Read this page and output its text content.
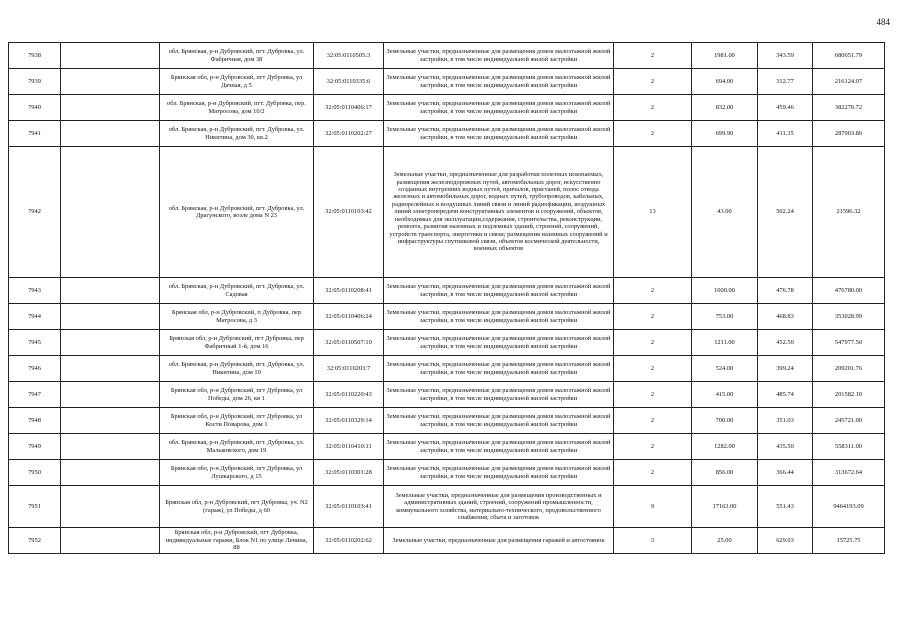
484
7938		обл. Брянская, р-н Дубровский, пгт. Дубровка, ул. Фабричная, дом 38	32:05:0110505:3	Земельные участки, предназначенные для размещения домов малоэтажной жилой застройки, в том числе индивидуальной жилой застройки	2	1981.00	343.59	680651.79
7939		Брянская обл, р-н Дубровский, пгт Дубровка, ул Дачная, д 5	32:05:0110335:6	Земельные участки, предназначенные для размещения домов малоэтажной жилой застройки, в том числе индивидуальной жилой застройки	2	694.00	312.77	216124.07
7940		обл. Брянская, р-н Дубровский, пгт. Дубровка, пер. Матросова, дом 10/2	32:05:0110406:17	Земельные участки, предназначенные для размещения домов малоэтажной жилой застройки, в том числе индивидуальной жилой застройки	2	832.00	459.46	382270.72
7941		обл. Брянская, р-н Дубровский, пгт. Дубровка, ул. Никитина, дом 30, кв.2	32:05:0110202:27	Земельные участки, предназначенные для размещения домов малоэтажной жилой застройки, в том числе индивидуальной жилой застройки	2	699.90	411.35	287903.86
7942		обл. Брянская, р-н Дубровский, пгт. Дубровка, ул. Драгунского, возле дома N 23	32:05:0110103:42	Земельные участки, предназначенные для разработки полезных ископаемых, размещения железнодорожных путей, автомобильных дорог, искусственно созданных внутренних водных путей, причалов, пристаней, полос отвода железных и автомобильных дорог, водных путей, трубопроводов, кабельных, радиорелейных и воздушных линий связи и линий радиофикации, воздушных линий электропередачи конструктивных элементов и сооружений, объектов, необходимых для эксплуатации,содержания, строительства, реконструкции, ремонта, развития наземных и подземных зданий, строений, сооружений, устройств транспорта, энергетики и связи; размещения наземных сооружений и инфраструктуры спутниковой связи, объектов космической деятельности, военных объектов	13	43.00	502.24	21596.32
7943		обл. Брянская, р-н Дубровский, пгт. Дубровка, ул. Садовая	32:05:0110208:41	Земельные участки, предназначенные для размещения домов малоэтажной жилой застройки, в том числе индивидуальной жилой застройки	2	1000.00	476.78	476780.00
7944		Брянская обл, р-н Дубровский, п Дубровка, пер Матросова, д 3	32:05:0110406:24	Земельные участки, предназначенные для размещения домов малоэтажной жилой застройки, в том числе индивидуальной жилой застройки	2	753.00	468.83	353028.99
7945		Брянская обл, р-н Дубровский, пгт Дубровка, пер Фабричный 1-й, дом 16	32:05:0110507:10	Земельные участки, предназначенные для размещения домов малоэтажной жилой застройки, в том числе индивидуальной жилой застройки	2	1211.00	452.50	547977.50
7946		обл. Брянская, р-н Дубровский, пгт. Дубровка, ул. Никитина, дом 10	32:05:0110203:7	Земельные участки, предназначенные для размещения домов малоэтажной жилой застройки, в том числе индивидуальной жилой застройки	2	524.00	399.24	209201.76
7947		Брянская обл, р-н Дубровский, пгт Дубровка, ул Победы, дом 26, кв 1	32:05:0110220:43	Земельные участки, предназначенные для размещения домов малоэтажной жилой застройки, в том числе индивидуальной жилой застройки	2	415.00	485.74	201582.10
7948		Брянская обл, р-н Дубровский, пгт Дубровка, ул Кости Поварова, дом 1	32:05:0110329:14	Земельные участки, предназначенные для размещения домов малоэтажной жилой застройки, в том числе индивидуальной жилой застройки	2	700.00	351.03	245721.00
7949		обл. Брянская, р-н Дубровский, пгт. Дубровка, ул. Мальковского, дом 19	32:05:0110410:11	Земельные участки, предназначенные для размещения домов малоэтажной жилой застройки, в том числе индивидуальной жилой застройки	2	1282.00	435.50	558311.00
7950		Брянская обл, р-н Дубровский, пгт Дубровка, ул Лушкарского, д 15	32:05:0110301:28	Земельные участки, предназначенные для размещения домов малоэтажной жилой застройки, в том числе индивидуальной жилой застройки	2	856.00	366.44	313672.64
7951		Брянская обл, р-н Дубровский, пгт Дубровка, уч. N2 (гараж), ул Победы, д 60	32:05:0110103:41	Земельные участки, предназначенные для размещения производственных и административных зданий, строений, сооружений промышленности, коммунального хозяйства, материально-технического, продовольственного снабжения, сбыта и заготовок	9	17163.00	551.43	9464193.09
7952		Брянская обл, р-н Дубровский, пгт Дубровка, индивидуальные гаражи, Блок N1 по улице Ленина, 88	32:05:0110202:62	Земельные участки, предназначенные для размещения гаражей и автостоянок	3	25.00	629.03	15725.75
